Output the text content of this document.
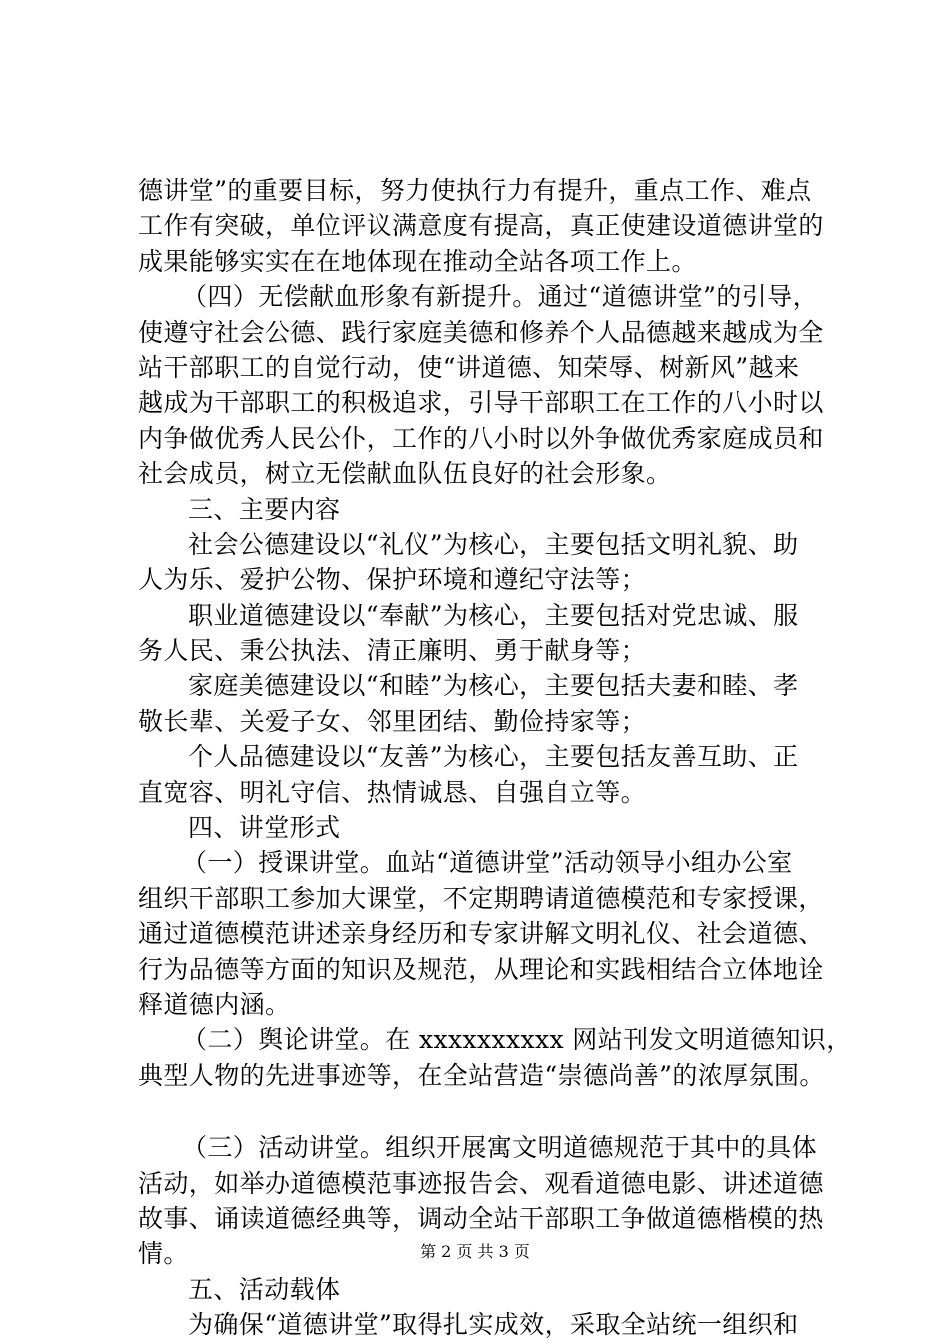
德讲堂”的重要目标，努力使执行力有提升，重点工作、难点
工作有突破，单位评议满意度有提高，真正使建设道德讲堂的
成果能够实实在在地体现在推动全站各项工作上。
（四）无偿献血形象有新提升。通过“道德讲堂”的引导，
使遵守社会公德、践行家庭美德和修养个人品德越来越成为全
站干部职工的自觉行动，使“讲道德、知荣辱、树新风”越来
越成为干部职工的积极追求，引导干部职工在工作的八小时以
内争做优秀人民公仆，工作的八小时以外争做优秀家庭成员和
社会成员，树立无偿献血队伍良好的社会形象。
三、主要内容
社会公德建设以“礼仪”为核心，主要包括文明礼貌、助
人为乐、爱护公物、保护环境和遵纪守法等；
职业道德建设以“奉献”为核心，主要包括对党忠诚、服
务人民、秉公执法、清正廉明、勇于献身等；
家庭美德建设以“和睦”为核心，主要包括夫妻和睦、孝
敬长辈、关爱子女、邻里团结、勤俭持家等；
个人品德建设以“友善”为核心，主要包括友善互助、正
直宽容、明礼守信、热情诚恳、自强自立等。
四、讲堂形式
（一）授课讲堂。血站“道德讲堂”活动领导小组办公室
组织干部职工参加大课堂，不定期聘请道德模范和专家授课，
通过道德模范讲述亲身经历和专家讲解文明礼仪、社会道德、
行为品德等方面的知识及规范，从理论和实践相结合立体地诠
释道德内涵。
（二）舆论讲堂。在 xxxxxxxxxx 网站刊发文明道德知识，
典型人物的先进事迹等，在全站营造“崇德尚善”的浓厚氛围。
（三）活动讲堂。组织开展寓文明道德规范于其中的具体
活动，如举办道德模范事迹报告会、观看道德电影、讲述道德
故事、诵读道德经典等，调动全站干部职工争做道德楷模的热
情。
五、活动载体
为确保“道德讲堂”取得扎实成效，采取全站统一组织和
第 2 页 共 3 页
